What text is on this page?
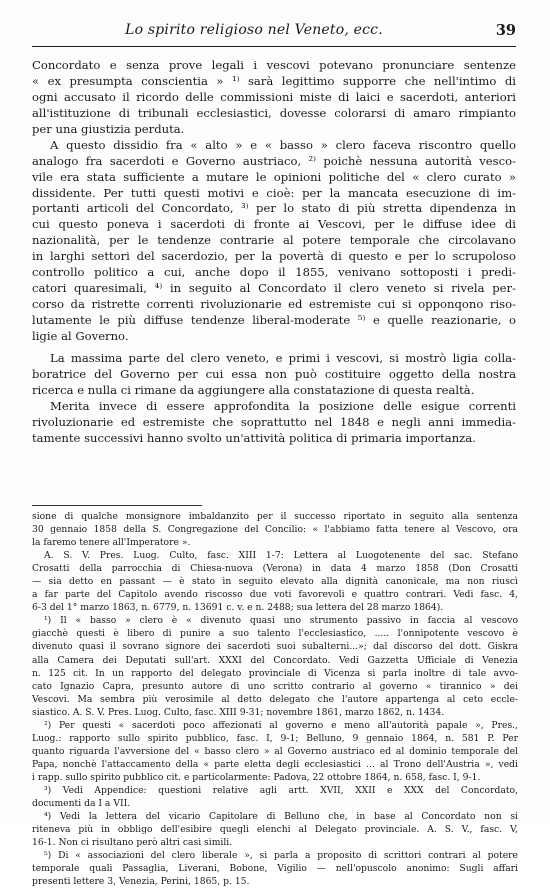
Lo spirito religioso nel Veneto, ecc.	39
Concordato e senza prove legali i vescovi potevano pronunciare sentenze
« ex presumpta conscientia » ¹⁾ sarà legittimo supporre che nell'intimo di
ogni accusato il ricordo delle commissioni miste di laici e sacerdoti, anteriori
all'istituzione di tribunali ecclesiastici, dovesse colorarsi di amaro rimpianto
per una giustizia perduta.
A questo dissidio fra « alto » e « basso » clero faceva riscontro quello
analogo fra sacerdoti e Governo austriaco, ²⁾ poichè nessuna autorità vesco-
vile era stata sufficiente a mutare le opinioni politiche del « clero curato »
dissidente. Per tutti questi motivi e cioè: per la mancata esecuzione di im-
portanti articoli del Concordato, ³⁾ per lo stato di più stretta dipendenza in
cui questo poneva i sacerdoti di fronte ai Vescovi, per le diffuse idee di
nazionalità, per le tendenze contrarie al potere temporale che circolavano
in larghi settori del sacerdozio, per la povertà di questo e per lo scrupoloso
controllo politico a cui, anche dopo il 1855, venivano sottoposti i predi-
catori quaresimali, ⁴⁾ in seguito al Concordato il clero veneto si rivela per-
corso da ristrette correnti rivoluzionarie ed estremiste cui si opponqono riso-
lutamente le più diffuse tendenze liberal-moderate ⁵⁾ e quelle reazionarie, o
ligie al Governo.
La massima parte del clero veneto, e primi i vescovi, si mostrò ligia colla-
boratrice del Governo per cui essa non può costituire oggetto della nostra
ricerca e nulla ci rimane da aggiungere alla constatazione di questa realtà.
Merita invece di essere approfondita la posizione delle esigue correnti
rivoluzionarie ed estremiste che soprattutto nel 1848 e negli anni immedia-
tamente successivi hanno svolto un'attività politica di primaria importanza.
sione di qualche monsignore imbaldanzito per il successo riportato in seguito alla sentenza
30 gennaio 1858 della S. Congregazione del Concilio: « l'abbiamo fatta tenere al Vescovo, ora
la faremo tenere all'Imperatore ».
A. S. V. Pres. Luog. Culto, fasc. XIII 1-7: Lettera al Luogotenente del sac. Stefano
Crosatti della parrocchia di Chiesa-nuova (Verona) in data 4 marzo 1858 (Don Crosatti
— sia detto en passant — è stato in seguito elevato alla dignità canonicale, ma non riuscì
a far parte del Capitolo avendo riscosso due voti favorevoli e quattro contrari. Vedi fasc. 4,
6-3 del 1° marzo 1863, n. 6779, n. 13691 c. v. e n. 2488; sua lettera del 28 marzo 1864).
¹) Il « basso » clero è « divenuto quasi uno strumento passivo in faccia al vescovo
giacchè questi è libero di punire a suo talento l'ecclesiastico, ..... l'onnipotente vescovo è
divenuto quasi il sovrano signore dei sacerdoti suoi subalterni...»; dal discorso del dott. Giskra
alla Camera dei Deputati sull'art. XXXI del Concordato. Vedi Gazzetta Ufficiale di Venezia
n. 125 cit. In un rapporto del delegato provinciale di Vicenza si parla inoltre di tale avvo-
cato Ignazio Capra, presunto autore di uno scritto contrario al governo « tirannico » dei
Vescovi. Ma sembra più verosimile al detto delegato che l'autore appartenga al ceto eccle-
siastico. A. S. V. Pres. Luog. Culto, fasc. XIII 9-31; novembre 1861, marzo 1862, n. 1434.
²) Per questi « sacerdoti poco affezionati al governo e meno all'autorità papale », Pres.,
Luog.: rapporto sullo spirito pubblico, fasc. I, 9-1; Belluno, 9 gennaio 1864, n. 581 P. Per
quanto riguarda l'avversione del « basso clero » al Governo austriaco ed al dominio temporale del
Papa, nonchè l'attaccamento della « parte eletta degli ecclesiastici ... al Trono dell'Austria », vedi
i rapp. sullo spirito pubblico cit. e particolarmente: Padova, 22 ottobre 1864, n. 658, fasc. I, 9-1.
³) Vedi Appendice: questioni relative agli artt. XVII, XXII e XXX del Concordato,
documenti da I a VII.
⁴) Vedi la lettera del vicario Capitolare di Belluno che, in base al Concordato non si
riteneva più in obbligo dell'esibire quegli elenchi al Delegato provinciale. A. S. V., fasc. V,
16-1. Non ci risultano però altri casi simili.
⁵) Di « associazioni del clero liberale », si parla a proposito di scrittori contrari al potere
temporale quali Passaglia, Liverani, Bobone, Vigilio — nell'opuscolo anonimo: Sugli affari
presenti lettere 3, Venezia, Perini, 1865, p. 15.
